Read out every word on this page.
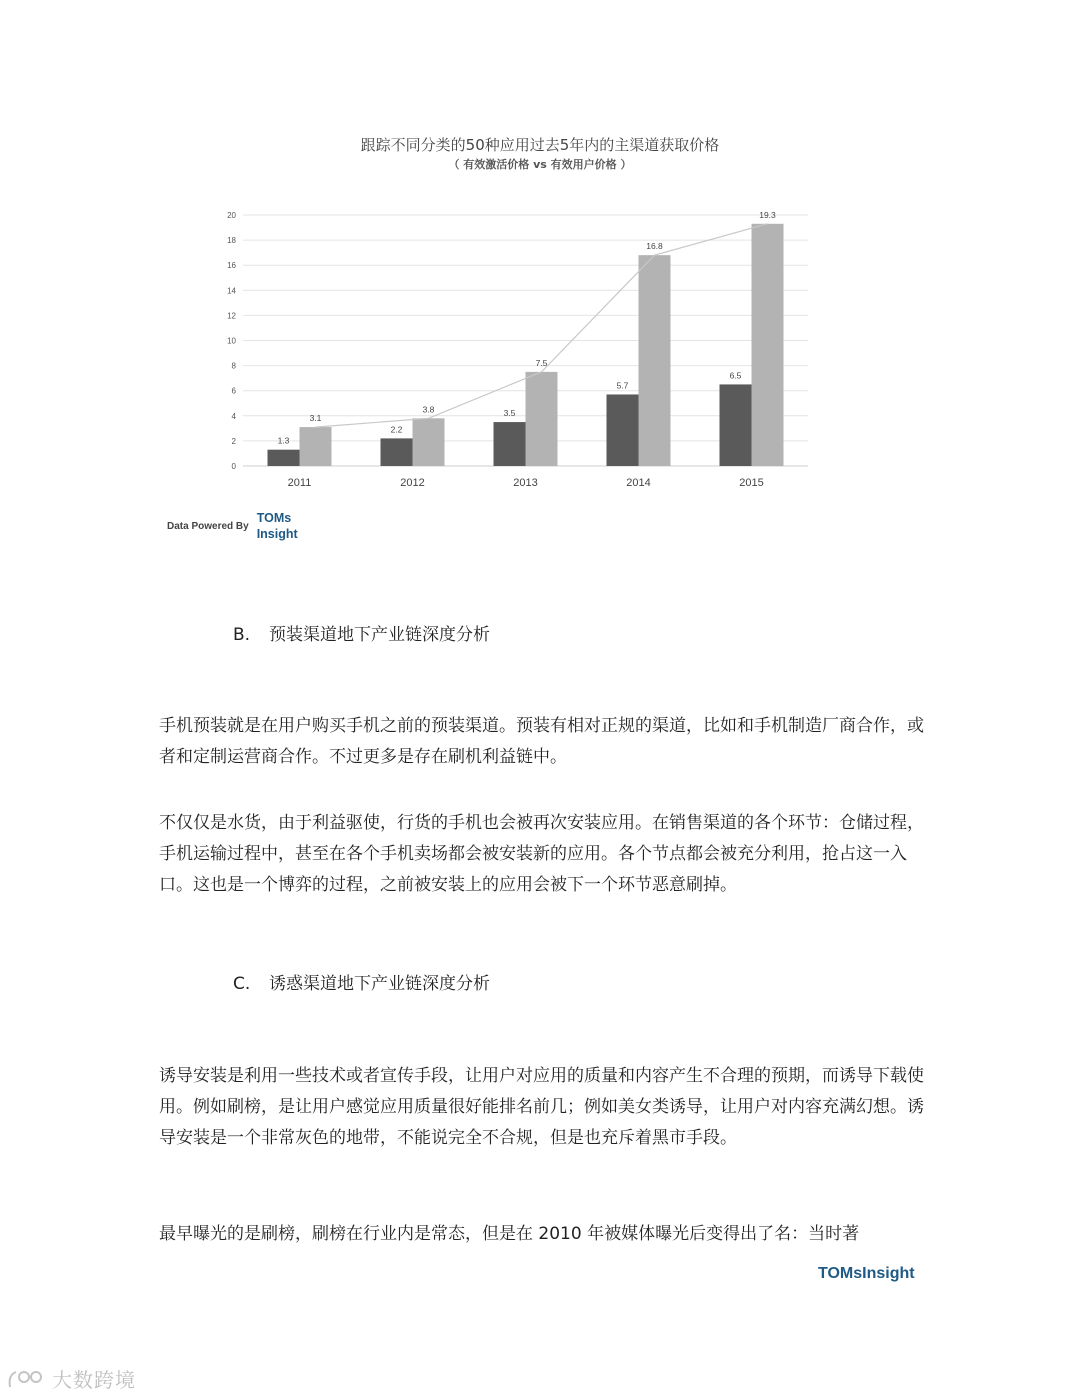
跟踪不同分类的50种应用过去5年内的主渠道获取价格
（ 有效激活价格 vs 有效用户价格 ）
0
2
4
6
8
10
12
14
16
18
20
1.3
3.1
2.2
3.8	3.5
7.5
5.7
16.8
6.5
19.3
2011	2012	2013	2014	2015
Data Powered By
TOMs
Insight
B. 预装渠道地下产业链深度分析

手机预装就是在用户购买手机之前的预装渠道。预装有相对正规的渠道，比如和手机制造厂商合作，或者和定制运营商合作。不过更多是存在刷机利益链中。

不仅仅是水货，由于利益驱使，行货的手机也会被再次安装应用。在销售渠道的各个环节：仓储过程，手机运输过程中，甚至在各个手机卖场都会被安装新的应用。各个节点都会被充分利用，抢占这一入口。这也是一个博弈的过程，之前被安装上的应用会被下一个环节恶意刷掉。

C. 诱惑渠道地下产业链深度分析

诱导安装是利用一些技术或者宣传手段，让用户对应用的质量和内容产生不合理的预期，而诱导下载使用。例如刷榜，是让用户感觉应用质量很好能排名前几；例如美女类诱导，让用户对内容充满幻想。诱导安装是一个非常灰色的地带，不能说完全不合规，但是也充斥着黑市手段。

最早曝光的是刷榜，刷榜在行业内是常态，但是在 2010 年被媒体曝光后变得出了名：当时著

TOMsInsight
大数跨境
